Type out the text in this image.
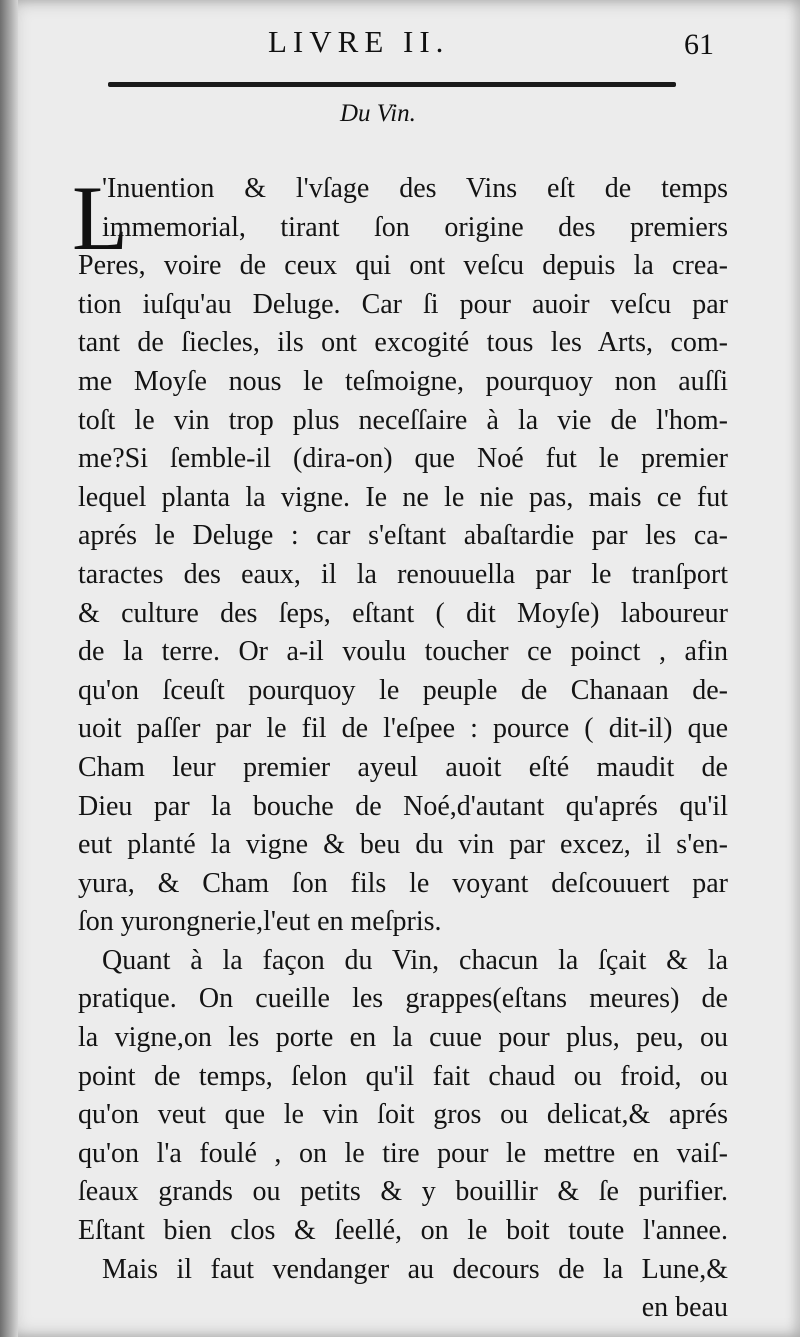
LIVRE II.	61
Du Vin.
L
'Inuention & l'vſage des Vins eſt de temps
immemorial, tirant ſon origine des premiers
Peres, voire de ceux qui ont veſcu depuis la crea-
tion iuſqu'au Deluge. Car ſi pour auoir veſcu par
tant de ſiecles, ils ont excogité tous les Arts, com-
me Moyſe nous le teſmoigne, pourquoy non auſſi
toſt le vin trop plus neceſſaire à la vie de l'hom-
me?Si ſemble-il (dira-on) que Noé fut le premier
lequel planta la vigne. Ie ne le nie pas, mais ce fut
aprés le Deluge : car s'eſtant abaſtardie par les ca-
taractes des eaux, il la renouuella par le tranſport
& culture des ſeps, eſtant ( dit Moyſe) laboureur
de la terre. Or a-il voulu toucher ce poinct , afin
qu'on ſceuſt pourquoy le peuple de Chanaan de-
uoit paſſer par le fil de l'eſpee : pource ( dit-il) que
Cham leur premier ayeul auoit eſté maudit de
Dieu par la bouche de Noé,d'autant qu'aprés qu'il
eut planté la vigne & beu du vin par excez, il s'en-
yura, & Cham ſon fils le voyant deſcouuert par
ſon yurongnerie,l'eut en meſpris.
Quant à la façon du Vin, chacun la ſçait & la
pratique. On cueille les grappes(eſtans meures) de
la vigne,on les porte en la cuue pour plus, peu, ou
point de temps, ſelon qu'il fait chaud ou froid, ou
qu'on veut que le vin ſoit gros ou delicat,& aprés
qu'on l'a foulé , on le tire pour le mettre en vaiſ-
ſeaux grands ou petits & y bouillir & ſe purifier.
Eſtant bien clos & ſeellé, on le boit toute l'annee.
Mais il faut vendanger au decours de la Lune,&
en beau
